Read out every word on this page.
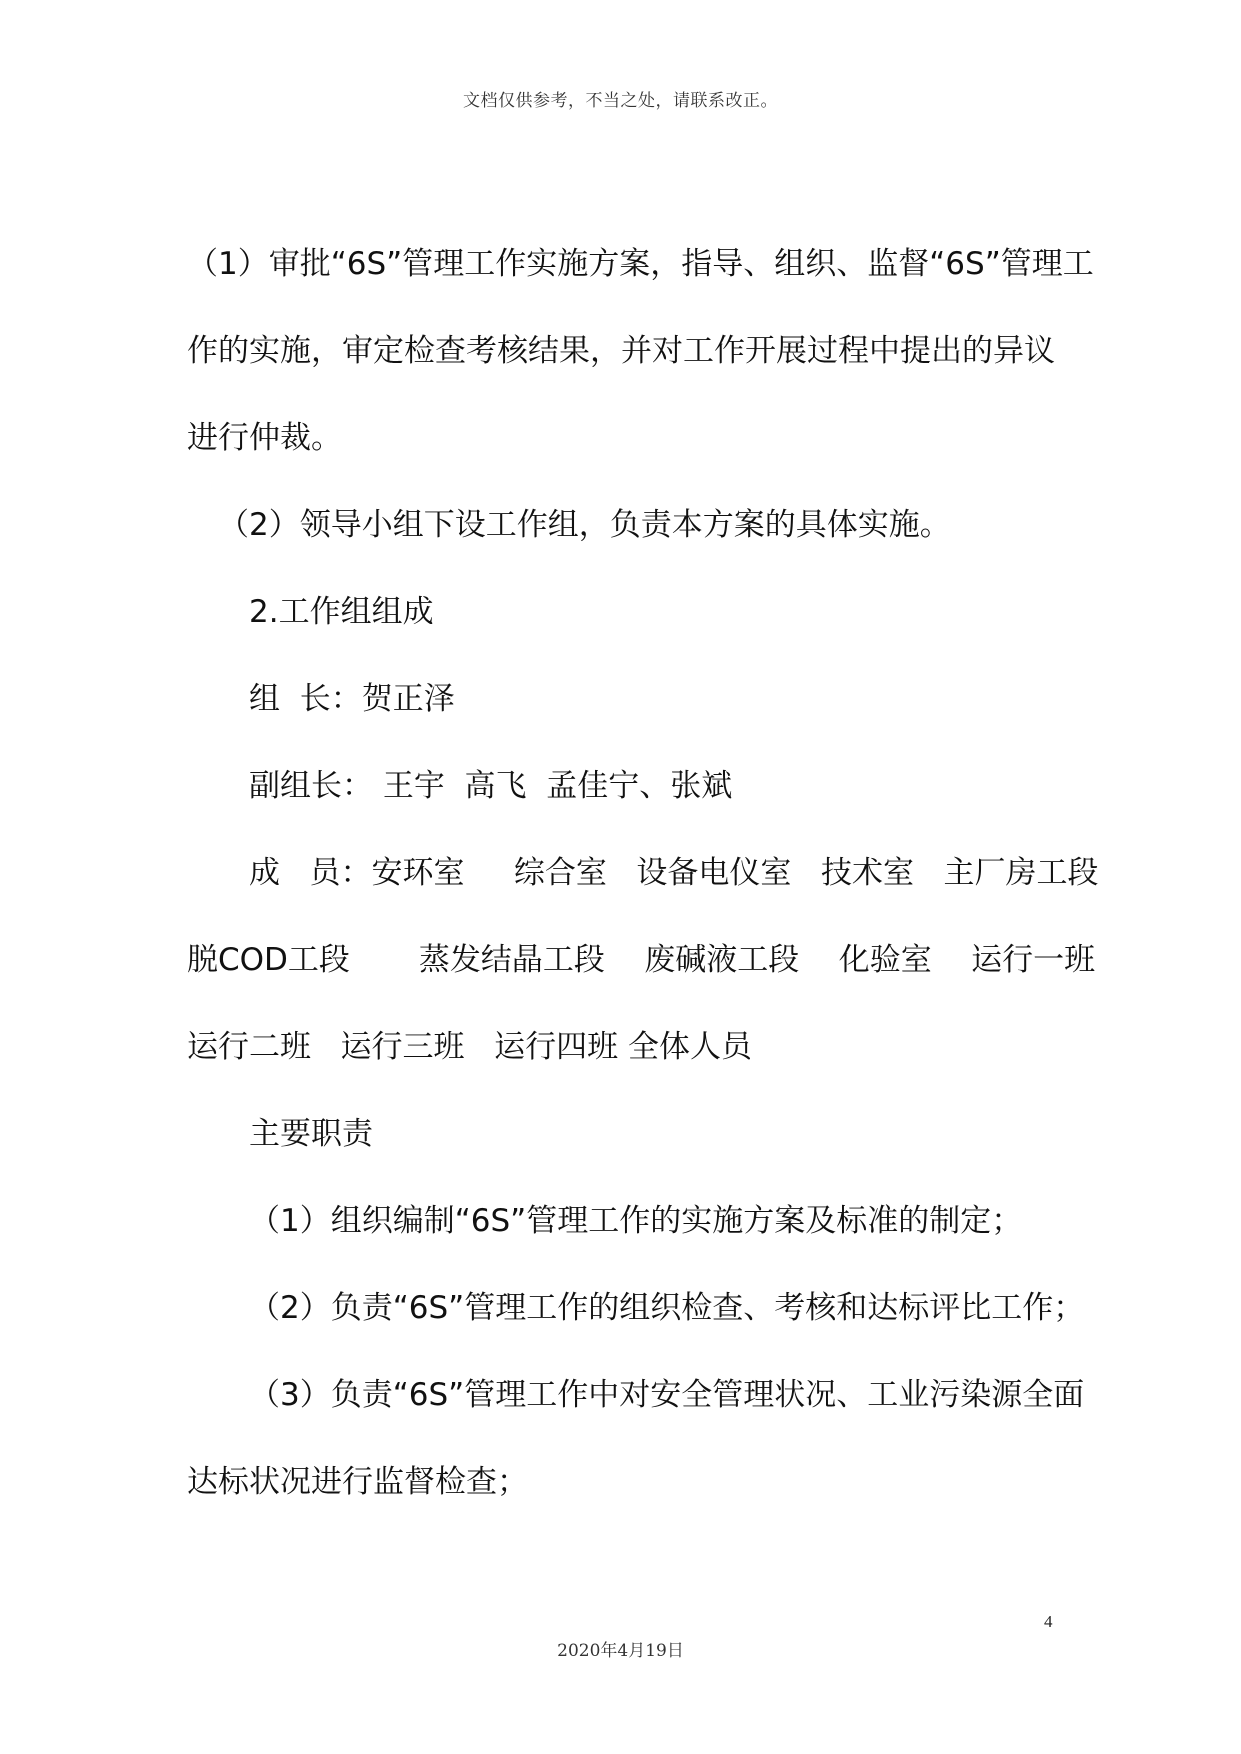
文档仅供参考，不当之处，请联系改正。
（1）审批“6S”管理工作实施方案，指导、组织、监督“6S”管理工
作的实施，审定检查考核结果，并对工作开展过程中提出的异议
进行仲裁。
（2）领导小组下设工作组，负责本方案的具体实施。
2.工作组组成
组  长：贺正泽
副组长： 王宇  高飞  孟佳宁、张斌
成   员：安环室     综合室   设备电仪室   技术室   主厂房工段
脱COD工段       蒸发结晶工段    废碱液工段    化验室    运行一班
运行二班   运行三班   运行四班 全体人员
主要职责
（1）组织编制“6S”管理工作的实施方案及标准的制定；
（2）负责“6S”管理工作的组织检查、考核和达标评比工作；
（3）负责“6S”管理工作中对安全管理状况、工业污染源全面
达标状况进行监督检查；
4
2020年4月19日
